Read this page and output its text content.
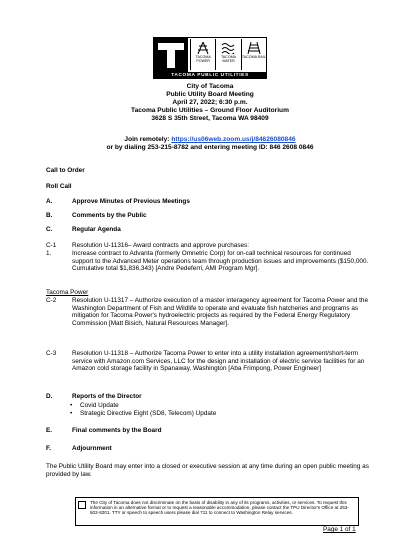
TACOMA POWER
TACOMA WATER
TACOMA RAIL
TACOMA PUBLIC UTILITIES
City of Tacoma
Public Utility Board Meeting
April 27, 2022; 6:30 p.m.
Tacoma Public Utilities – Ground Floor Auditorium
3628 S 35th Street, Tacoma WA 98409
Join remotely: https://us06web.zoom.us/j/84626080846
or by dialing 253-215-8782 and entering meeting ID: 846 2608 0846
Call to Order
Roll Call
A.	Approve Minutes of Previous Meetings
B.	Comments by the Public
C.	Regular Agenda
C-1 Resolution U-11316– Award contracts and approve purchases:
1.	Increase contract to Advanta (formerly Omnetric Corp) for on-call technical resources for continued support to the Advanced Meter operations team through production issues and improvements ($150,000. Cumulative total $1,836,343) [Andre Pedeferri, AMI Program Mgr].
Tacoma Power
C-2 Resolution U-11317 – Authorize execution of a master interagency agreement for Tacoma Power and the Washington Department of Fish and Wildlife to operate and evaluate fish hatcheries and programs as mitigation for Tacoma Power's hydroelectric projects as required by the Federal Energy Regulatory Commission [Matt Bisich, Natural Resources Manager].
C-3 Resolution U-11318 – Authorize Tacoma Power to enter into a utility installation agreement/short-term service with Amazon.com Services, LLC for the design and installation of electric service facilities for an Amazon cold storage facility in Spanaway, Washington [Aba Frimpong, Power Engineer]
D.	Reports of the Director
• Covid Update
• Strategic Directive Eight (SD8, Telecom) Update
E.	Final comments by the Board
F.	Adjournment
The Public Utility Board may enter into a closed or executive session at any time during an open public meeting as provided by law.
The City of Tacoma does not discriminate on the basis of disability in any of its programs, activities, or services. To request this information in an alternative format or to request a reasonable accommodation, please contact the TPU Director's Office at 253-502-8201. TTY or speech to speech users please dial 711 to connect to Washington Relay services.
Page 1 of 1
